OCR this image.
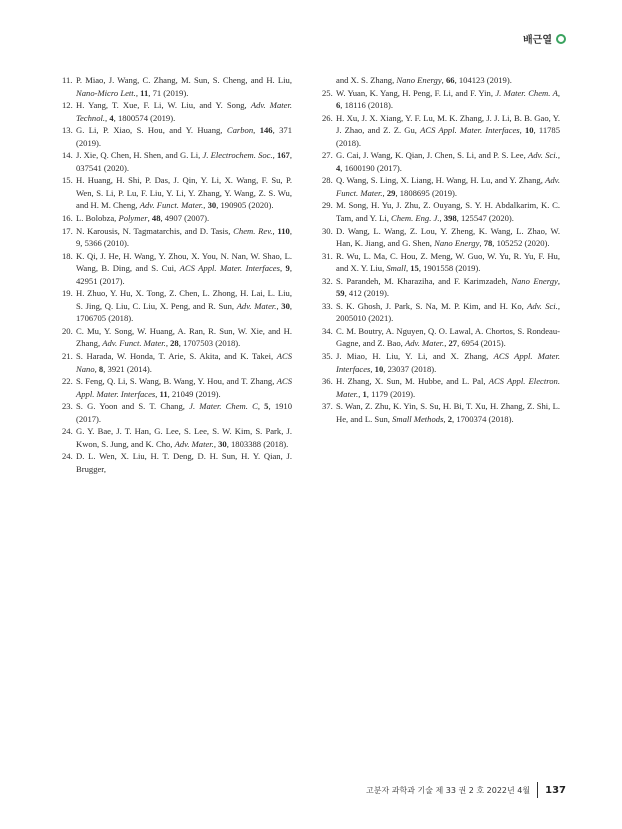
배근열
11. P. Miao, J. Wang, C. Zhang, M. Sun, S. Cheng, and H. Liu, Nano-Micro Lett., 11, 71 (2019).
12. H. Yang, T. Xue, F. Li, W. Liu, and Y. Song, Adv. Mater. Technol., 4, 1800574 (2019).
13. G. Li, P. Xiao, S. Hou, and Y. Huang, Carbon, 146, 371 (2019).
14. J. Xie, Q. Chen, H. Shen, and G. Li, J. Electrochem. Soc., 167, 037541 (2020).
15. H. Huang, H. Shi, P. Das, J. Qin, Y. Li, X. Wang, F. Su, P. Wen, S. Li, P. Lu, F. Liu, Y. Li, Y. Zhang, Y. Wang, Z. S. Wu, and H. M. Cheng, Adv. Funct. Mater., 30, 190905 (2020).
16. L. Bolobza, Polymer, 48, 4907 (2007).
17. N. Karousis, N. Tagmatarchis, and D. Tasis, Chem. Rev., 110, 9, 5366 (2010).
18. K. Qi, J. He, H. Wang, Y. Zhou, X. You, N. Nan, W. Shao, L. Wang, B. Ding, and S. Cui, ACS Appl. Mater. Interfaces, 9, 42951 (2017).
19. H. Zhuo, Y. Hu, X. Tong, Z. Chen, L. Zhong, H. Lai, L. Liu, S. Jing, Q. Liu, C. Liu, X. Peng, and R. Sun, Adv. Mater., 30, 1706705 (2018).
20. C. Mu, Y. Song, W. Huang, A. Ran, R. Sun, W. Xie, and H. Zhang, Adv. Funct. Mater., 28, 1707503 (2018).
21. S. Harada, W. Honda, T. Arie, S. Akita, and K. Takei, ACS Nano, 8, 3921 (2014).
22. S. Feng, Q. Li, S. Wang, B. Wang, Y. Hou, and T. Zhang, ACS Appl. Mater. Interfaces, 11, 21049 (2019).
23. S. G. Yoon and S. T. Chang, J. Mater. Chem. C, 5, 1910 (2017).
24. G. Y. Bae, J. T. Han, G. Lee, S. Lee, S. W. Kim, S. Park, J. Kwon, S. Jung, and K. Cho, Adv. Mater., 30, 1803388 (2018).
24. D. L. Wen, X. Liu, H. T. Deng, D. H. Sun, H. Y. Qian, J. Brugger,
and X. S. Zhang, Nano Energy, 66, 104123 (2019).
25. W. Yuan, K. Yang, H. Peng, F. Li, and F. Yin, J. Mater. Chem. A, 6, 18116 (2018).
26. H. Xu, J. X. Xiang, Y. F. Lu, M. K. Zhang, J. J. Li, B. B. Gao, Y. J. Zhao, and Z. Z. Gu, ACS Appl. Mater. Interfaces, 10, 11785 (2018).
27. G. Cai, J. Wang, K. Qian, J. Chen, S. Li, and P. S. Lee, Adv. Sci., 4, 1600190 (2017).
28. Q. Wang, S. Ling, X. Liang, H. Wang, H. Lu, and Y. Zhang, Adv. Funct. Mater., 29, 1808695 (2019).
29. M. Song, H. Yu, J. Zhu, Z. Ouyang, S. Y. H. Abdalkarim, K. C. Tam, and Y. Li, Chem. Eng. J., 398, 125547 (2020).
30. D. Wang, L. Wang, Z. Lou, Y. Zheng, K. Wang, L. Zhao, W. Han, K. Jiang, and G. Shen, Nano Energy, 78, 105252 (2020).
31. R. Wu, L. Ma, C. Hou, Z. Meng, W. Guo, W. Yu, R. Yu, F. Hu, and X. Y. Liu, Small, 15, 1901558 (2019).
32. S. Parandeh, M. Kharaziha, and F. Karimzadeh, Nano Energy, 59, 412 (2019).
33. S. K. Ghosh, J. Park, S. Na, M. P. Kim, and H. Ko, Adv. Sci., 2005010 (2021).
34. C. M. Boutry, A. Nguyen, Q. O. Lawal, A. Chortos, S. Rondeau-Gagne, and Z. Bao, Adv. Mater., 27, 6954 (2015).
35. J. Miao, H. Liu, Y. Li, and X. Zhang, ACS Appl. Mater. Interfaces, 10, 23037 (2018).
36. H. Zhang, X. Sun, M. Hubbe, and L. Pal, ACS Appl. Electron. Mater., 1, 1179 (2019).
37. S. Wan, Z. Zhu, K. Yin, S. Su, H. Bi, T. Xu, H. Zhang, Z. Shi, L. He, and L. Sun, Small Methods, 2, 1700374 (2018).
고분자 과학과 기술 제 33 권 2 호 2022년 4월 137
